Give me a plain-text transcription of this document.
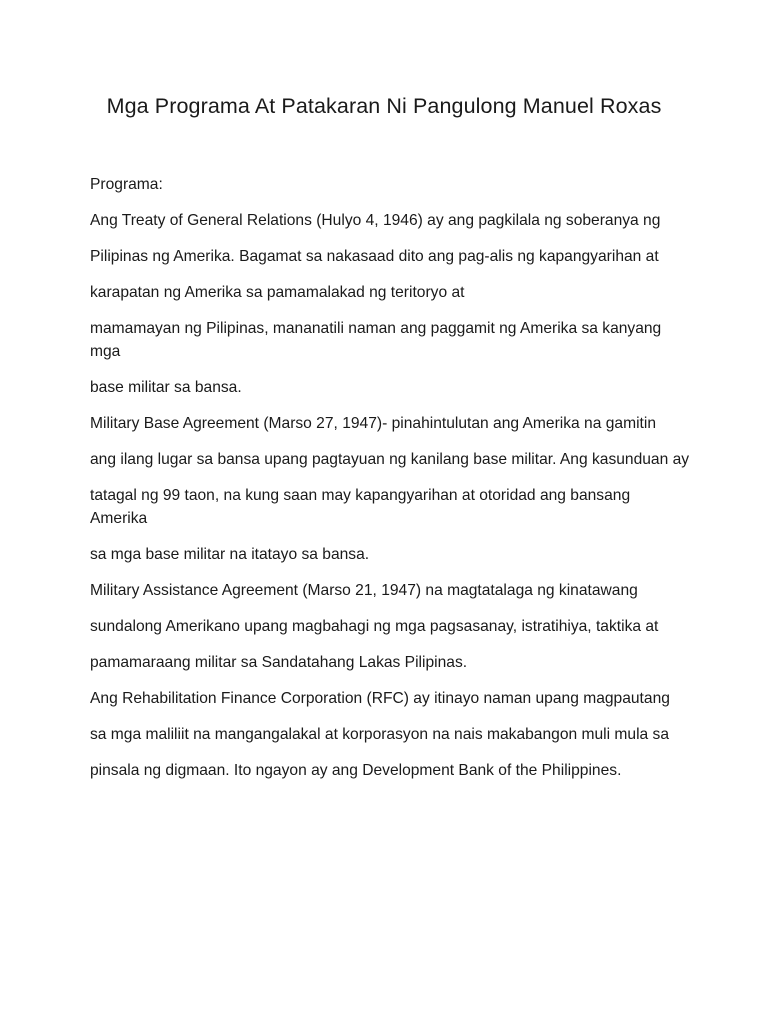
Mga Programa At Patakaran Ni Pangulong Manuel Roxas

Programa:

Ang Treaty of General Relations (Hulyo 4, 1946) ay ang pagkilala ng soberanya ng

Pilipinas ng Amerika. Bagamat sa nakasaad dito ang pag-alis ng kapangyarihan at

karapatan ng Amerika sa pamamalakad ng teritoryo at

mamamayan ng Pilipinas, mananatili naman ang paggamit ng Amerika sa kanyang mga

base militar sa bansa.

Military Base Agreement (Marso 27, 1947)- pinahintulutan ang Amerika na gamitin

ang ilang lugar sa bansa upang pagtayuan ng kanilang base militar. Ang kasunduan ay

tatagal ng 99 taon, na kung saan may kapangyarihan at otoridad ang bansang Amerika

sa mga base militar na itatayo sa bansa.

Military Assistance Agreement (Marso 21, 1947) na magtatalaga ng kinatawang

sundalong Amerikano upang magbahagi ng mga pagsasanay, istratihiya, taktika at

pamamaraang militar sa Sandatahang Lakas Pilipinas.

Ang Rehabilitation Finance Corporation (RFC) ay itinayo naman upang magpautang

sa mga maliliit na mangangalakal at korporasyon na nais makabangon muli mula sa

pinsala ng digmaan. Ito ngayon ay ang Development Bank of the Philippines.
